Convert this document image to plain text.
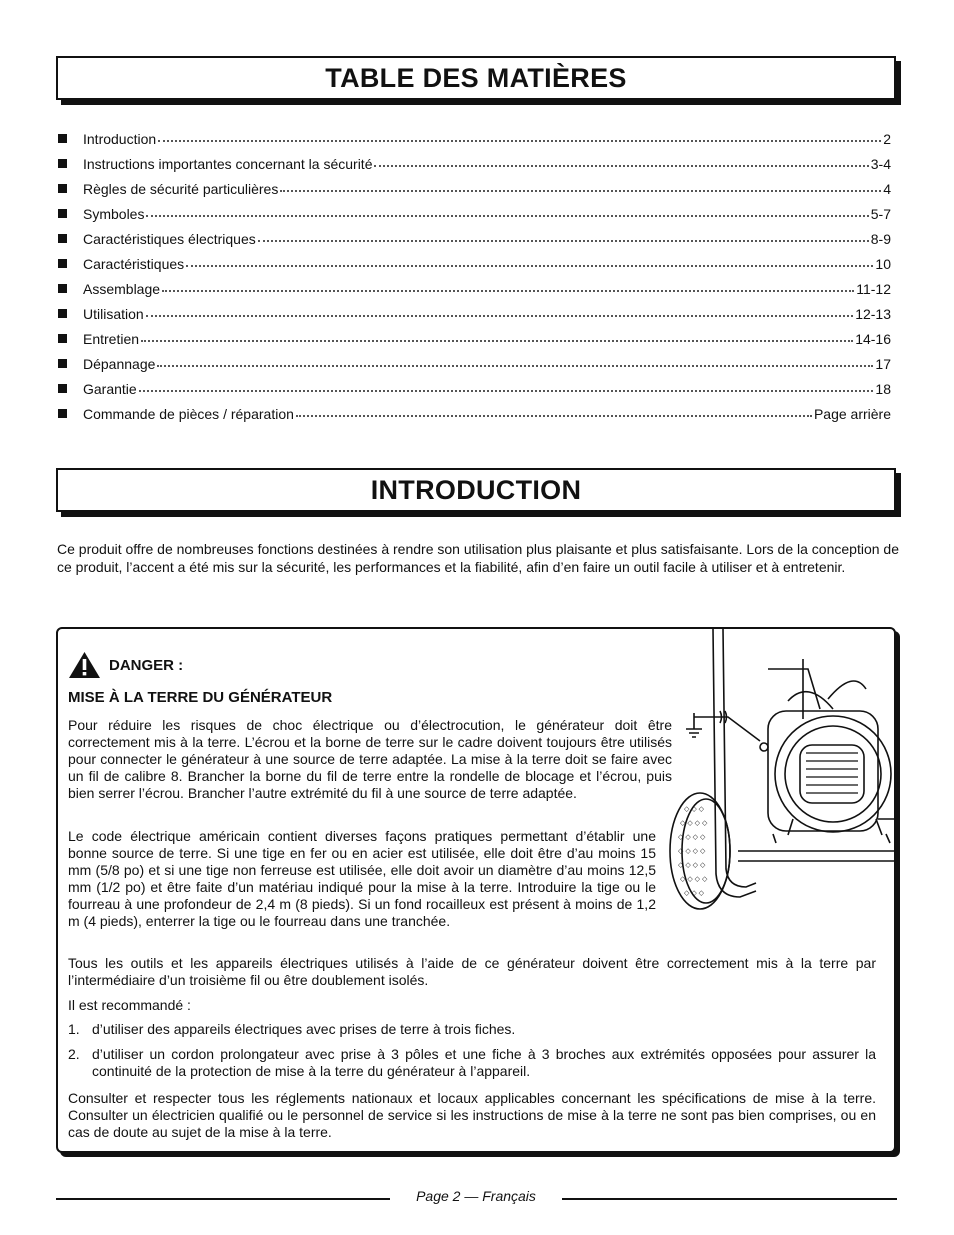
TABLE DES MATIÈRES
Introduction	2
Instructions importantes concernant la sécurité	3-4
Règles de sécurité particulières	4
Symboles	5-7
Caractéristiques électriques	8-9
Caractéristiques	10
Assemblage	11-12
Utilisation	12-13
Entretien	14-16
Dépannage	17
Garantie	18
Commande de pièces / réparation	Page arrière
INTRODUCTION

Ce produit offre de nombreuses fonctions destinées à rendre son utilisation plus plaisante et plus satisfaisante. Lors de la conception de ce produit, l’accent a été mis sur la sécurité, les performances et la fiabilité, afin d’en faire un outil facile à utiliser et à entretenir.

DANGER :

MISE À LA TERRE DU GÉNÉRATEUR

Pour réduire les risques de choc électrique ou d’électrocution, le générateur doit être correctement mis à la terre. L’écrou et la borne de terre sur le cadre doivent toujours être utilisés pour connecter le générateur à une source de terre adaptée. La mise à la terre doit se faire avec un fil de calibre 8. Brancher la borne du fil de terre entre la rondelle de blocage et l’écrou, puis bien serrer l’écrou. Brancher l’autre extrémité du fil à une source de terre adaptée.

Le code électrique américain contient diverses façons pratiques permettant d’établir une bonne source de terre. Si une tige en fer ou en acier est utilisée, elle doit être d’au moins 15 mm (5/8 po) et si une tige non ferreuse est utilisée, elle doit avoir un diamètre d’au moins 12,5 mm (1/2 po) et être faite d’un matériau indiqué pour la mise à la terre. Introduire la tige ou le fourreau à une profondeur de 2,4 m (8 pieds). Si un fond rocailleux est présent à moins de 1,2 m (4 pieds), enterrer la tige ou le fourreau dans une tranchée.

Tous les outils et les appareils électriques utilisés à l’aide de ce générateur doivent être correctement mis à la terre par l’intermédiaire d’un troisième fil ou être doublement isolés.

Il est recommandé :

1. d’utiliser des appareils électriques avec prises de terre à trois fiches.
2. d’utiliser un cordon prolongateur avec prise à 3 pôles et une fiche à 3 broches aux extrémités opposées pour assurer la continuité de la protection de mise à la terre du générateur à l’appareil.

Consulter et respecter tous les réglements nationaux et locaux applicables concernant les spécifications de mise à la terre. Consulter un électricien qualifié ou le personnel de service si les instructions de mise à la terre ne sont pas bien comprises, ou en cas de doute au sujet de la mise à la terre.

◇ ◇ ◇
◇ ◇ ◇ ◇
◇ ◇ ◇ ◇
◇ ◇ ◇ ◇
◇ ◇ ◇ ◇
◇ ◇ ◇ ◇
◇ ◇ ◇
Page 2 — Français
